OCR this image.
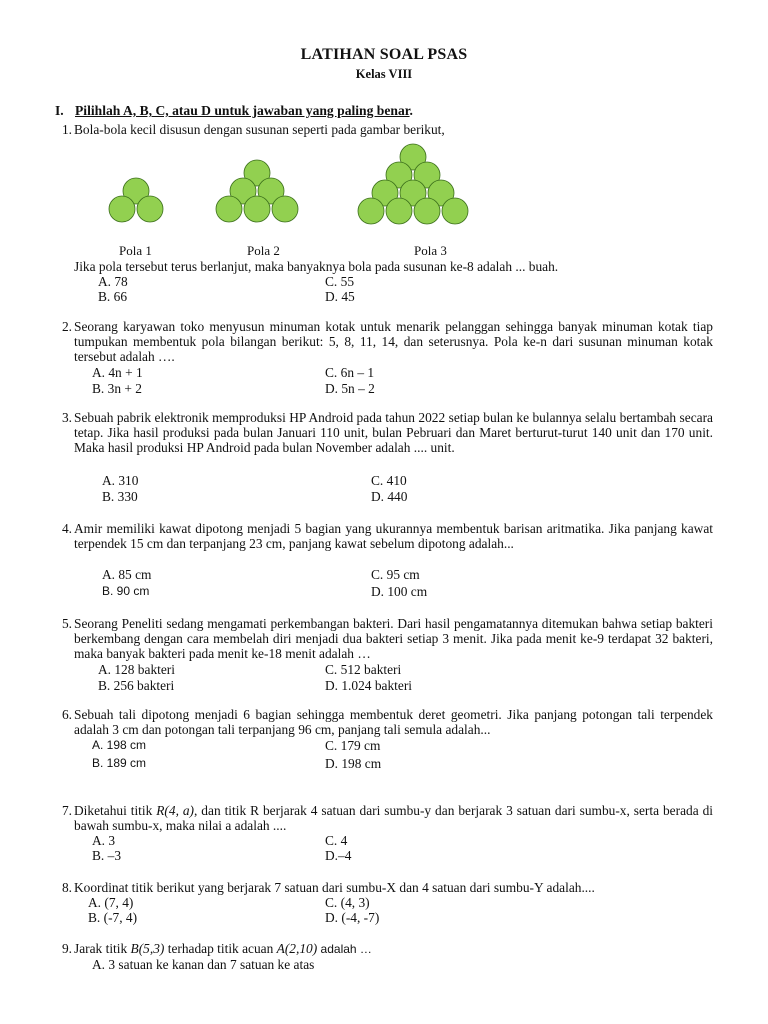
LATIHAN SOAL PSAS
Kelas VIII
I. Pilihlah A, B, C, atau D untuk jawaban yang paling benar.
1. Bola-bola kecil disusun dengan susunan seperti pada gambar berikut,
Pola 1	Pola 2	Pola 3
Jika pola tersebut terus berlanjut, maka banyaknya bola pada susunan ke-8 adalah ... buah.
A. 78	C. 55
B. 66	D. 45
2. Seorang karyawan toko menyusun minuman kotak untuk menarik pelanggan sehingga banyak minuman kotak tiap tumpukan membentuk pola bilangan berikut: 5, 8, 11, 14, dan seterusnya. Pola ke-n dari susunan minuman kotak tersebut adalah ….
A. 4n + 1	C. 6n – 1
B. 3n + 2	D. 5n – 2
3. Sebuah pabrik elektronik memproduksi HP Android pada tahun 2022 setiap bulan ke bulannya selalu bertambah secara tetap. Jika hasil produksi pada bulan Januari 110 unit, bulan Pebruari dan Maret berturut-turut 140 unit dan 170 unit. Maka hasil produksi HP Android pada bulan November adalah .... unit.
A. 310	C. 410
B. 330	D. 440
4. Amir memiliki kawat dipotong menjadi 5 bagian yang ukurannya membentuk barisan aritmatika. Jika panjang kawat terpendek 15 cm dan terpanjang 23 cm, panjang kawat sebelum dipotong adalah...
A. 85 cm	C. 95 cm
B. 90 cm	D. 100 cm
5. Seorang Peneliti sedang mengamati perkembangan bakteri. Dari hasil pengamatannya ditemukan bahwa setiap bakteri berkembang dengan cara membelah diri menjadi dua bakteri setiap 3 menit. Jika pada menit ke-9 terdapat 32 bakteri, maka banyak bakteri pada menit ke-18 menit adalah …
A. 128 bakteri	C. 512 bakteri
B. 256 bakteri	D. 1.024 bakteri
6. Sebuah tali dipotong menjadi 6 bagian sehingga membentuk deret geometri. Jika panjang potongan tali terpendek adalah 3 cm dan potongan tali terpanjang 96 cm, panjang tali semula adalah...
A. 198 cm	C. 179 cm
B. 189 cm	D. 198 cm
7. Diketahui titik R(4, a), dan titik R berjarak 4 satuan dari sumbu-y dan berjarak 3 satuan dari sumbu-x, serta berada di bawah sumbu-x, maka nilai a adalah ....
A. 3	C. 4
B. –3	D.–4
8. Koordinat titik berikut yang berjarak 7 satuan dari sumbu-X dan 4 satuan dari sumbu-Y adalah....
A. (7, 4)	C. (4, 3)
B. (-7, 4)	D. (-4, -7)
9. Jarak titik B(5,3) terhadap titik acuan A(2,10) adalah …
A. 3 satuan ke kanan dan 7 satuan ke atas
